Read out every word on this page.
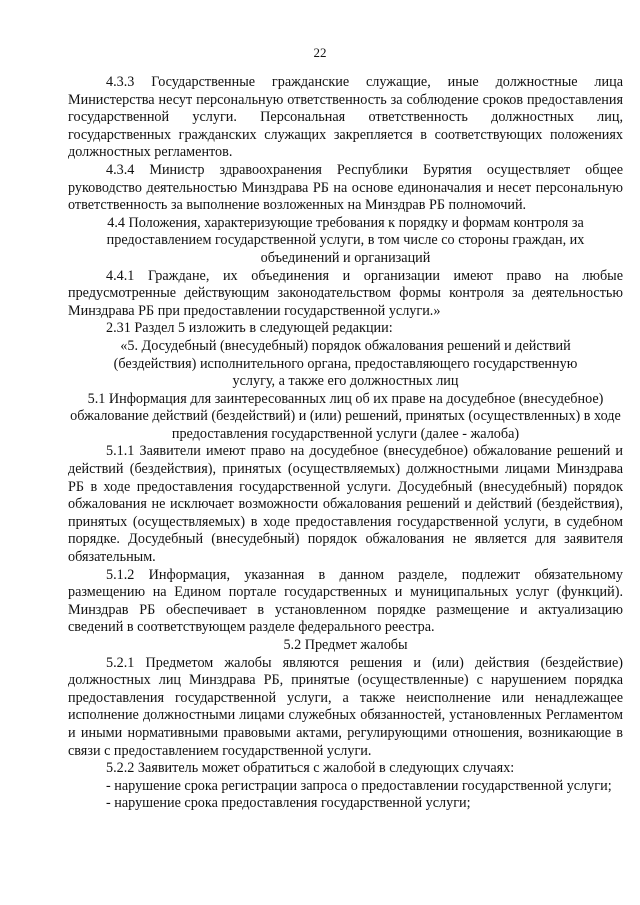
22

4.3.3 Государственные гражданские служащие, иные должностные лица Министерства несут персональную ответственность за соблюдение сроков предоставления государственной услуги. Персональная ответственность должностных лиц, государственных гражданских служащих закрепляется в соответствующих положениях должностных регламентов.

4.3.4 Министр здравоохранения Республики Бурятия осуществляет общее руководство деятельностью Минздрава РБ на основе единоначалия и несет персональную ответственность за выполнение возложенных на Минздрав РБ полномочий.

4.4 Положения, характеризующие требования к порядку и формам контроля за предоставлением государственной услуги, в том числе со стороны граждан, их объединений и организаций

4.4.1 Граждане, их объединения и организации имеют право на любые предусмотренные действующим законодательством формы контроля за деятельностью Минздрава РБ при предоставлении государственной услуги.»

2.31 Раздел 5 изложить в следующей редакции:

«5. Досудебный (внесудебный) порядок обжалования решений и действий (бездействия) исполнительного органа, предоставляющего государственную услугу, а также его должностных лиц

5.1 Информация для заинтересованных лиц об их праве на досудебное (внесудебное) обжалование действий (бездействий) и (или) решений, принятых (осуществленных) в ходе предоставления государственной услуги (далее - жалоба)

5.1.1 Заявители имеют право на досудебное (внесудебное) обжалование решений и действий (бездействия), принятых (осуществляемых) должностными лицами Минздрава РБ в ходе предоставления государственной услуги. Досудебный (внесудебный) порядок обжалования не исключает возможности обжалования решений и действий (бездействия), принятых (осуществляемых) в ходе предоставления государственной услуги, в судебном порядке. Досудебный (внесудебный) порядок обжалования не является для заявителя обязательным.

5.1.2 Информация, указанная в данном разделе, подлежит обязательному размещению на Едином портале государственных и муниципальных услуг (функций). Минздрав РБ обеспечивает в установленном порядке размещение и актуализацию сведений в соответствующем разделе федерального реестра.

5.2 Предмет жалобы

5.2.1 Предметом жалобы являются решения и (или) действия (бездействие) должностных лиц Минздрава РБ, принятые (осуществленные) с нарушением порядка предоставления государственной услуги, а также неисполнение или ненадлежащее исполнение должностными лицами служебных обязанностей, установленных Регламентом и иными нормативными правовыми актами, регулирующими отношения, возникающие в связи с предоставлением государственной услуги.

5.2.2 Заявитель может обратиться с жалобой в следующих случаях:

- нарушение срока регистрации запроса о предоставлении государственной услуги;

- нарушение срока предоставления государственной услуги;
